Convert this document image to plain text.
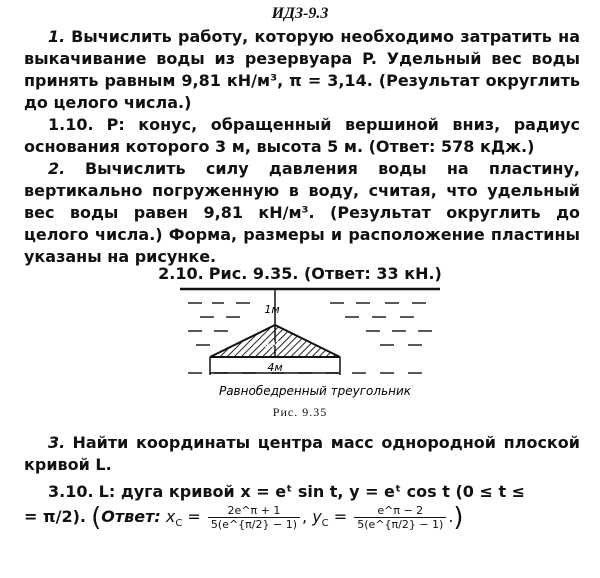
ИДЗ-9.3
1. Вычислить работу, которую необходимо затратить на выкачивание воды из резервуара P. Удельный вес воды принять равным 9,81 кН/м³, π = 3,14. (Результат округлить до целого числа.)
1.10. P: конус, обращенный вершиной вниз, радиус основания которого 3 м, высота 5 м. (Ответ: 578 кДж.)
2. Вычислить силу давления воды на пластину, вертикально погруженную в воду, считая, что удельный вес воды равен 9,81 кН/м³. (Результат округлить до целого числа.) Форма, размеры и расположение пластины указаны на рисунке.
2.10. Рис. 9.35. (Ответ: 33 кН.)
1м
1м
4м
Равнобедренный треугольник
Рис. 9.35
3. Найти координаты центра масс однородной плоской кривой L.
3.10. L: дуга кривой x = eᵗ sin t, y = eᵗ cos t (0 ≤ t ≤
= π/2). (Ответ: $x_C = \frac{2e\^{}\pi + 1}{5(e\^{}\{\pi/2\} - 1)}$ , $y_C = \frac{e\^{}\pi - 2}{5(e\^{}\{\pi/2\} - 1)}$ .)
